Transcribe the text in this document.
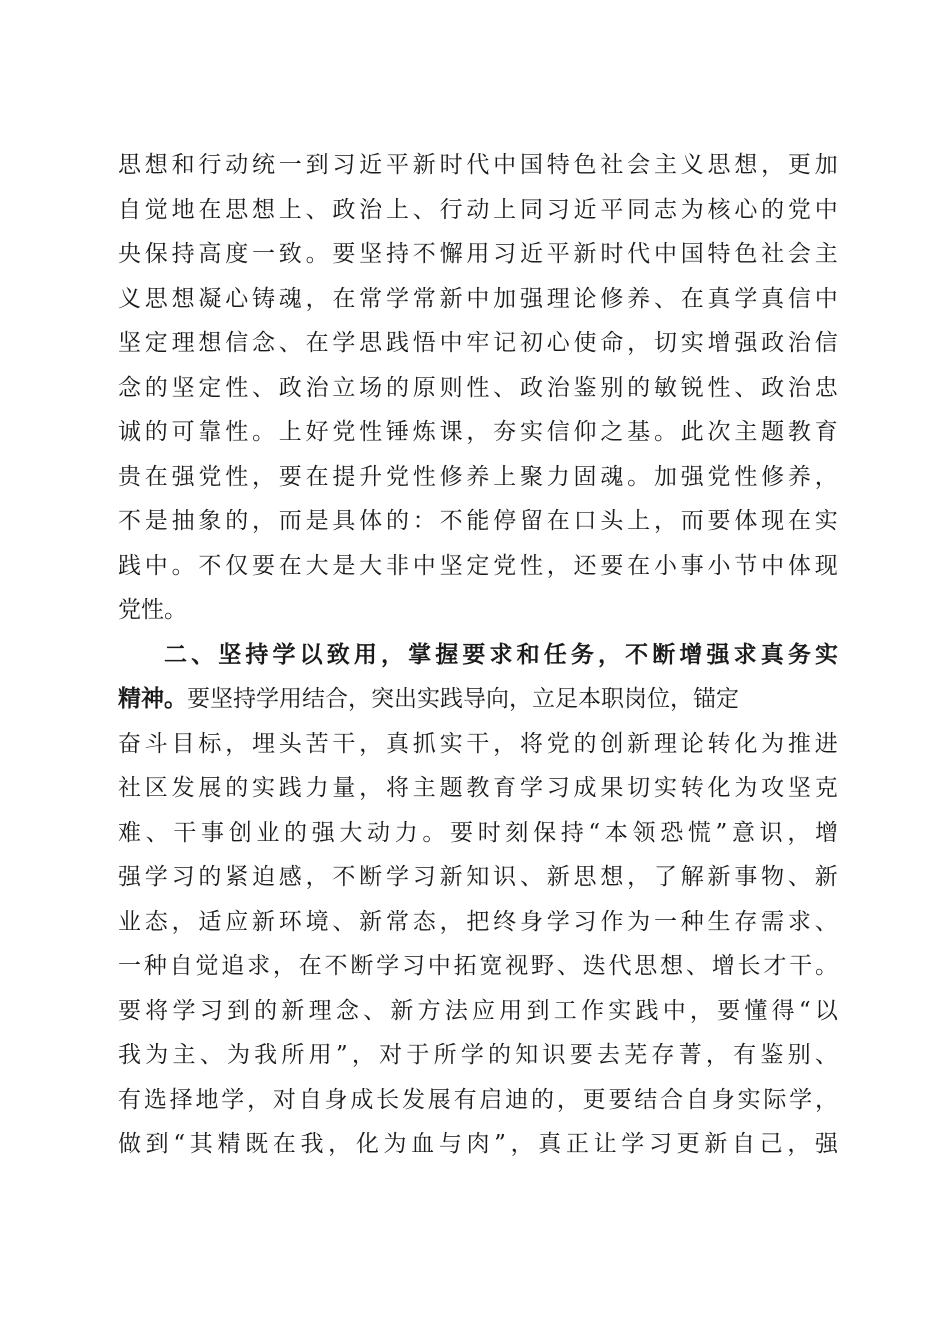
思 想 和 行 动 统 一 到 习 近 平 新 时 代 中 国 特 色 社 会 主 义 思 想 ， 更 加
自 觉 地 在 思 想 上 、 政 治 上 、 行 动 上 同 习 近 平 同 志 为 核 心 的 党 中
央 保 持 高 度 一 致 。 要 坚 持 不 懈 用 习 近 平 新 时 代 中 国 特 色 社 会 主
义 思 想 凝 心 铸 魂 ， 在 常 学 常 新 中 加 强 理 论 修 养 、 在 真 学 真 信 中
坚 定 理 想 信 念 、 在 学 思 践 悟 中 牢 记 初 心 使 命 ， 切 实 增 强 政 治 信
念 的 坚 定 性 、 政 治 立 场 的 原 则 性 、 政 治 鉴 别 的 敏 锐 性 、 政 治 忠
诚 的 可 靠 性 。 上 好 党 性 锤 炼 课 ， 夯 实 信 仰 之 基 。 此 次 主 题 教 育
贵 在 强 党 性 ， 要 在 提 升 党 性 修 养 上 聚 力 固 魂 。 加 强 党 性 修 养 ，
不 是 抽 象 的 ， 而 是 具 体 的 ： 不 能 停 留 在 口 头 上 ， 而 要 体 现 在 实
践 中 。 不 仅 要 在 大 是 大 非 中 坚 定 党 性 ， 还 要 在 小 事 小 节 中 体 现
党性。
二 、 坚 持 学 以 致 用 ， 掌 握 要 求 和 任 务 ， 不 断 增 强 求 真 务 实
精神。要坚持学用结合，突出实践导向，立足本职岗位，锚定
奋 斗 目 标 ， 埋 头 苦 干 ， 真 抓 实 干 ， 将 党 的 创 新 理 论 转 化 为 推 进
社 区 发 展 的 实 践 力 量 ， 将 主 题 教 育 学 习 成 果 切 实 转 化 为 攻 坚 克
难 、 干 事 创 业 的 强 大 动 力 。 要 时 刻 保 持 “ 本 领 恐 慌 ” 意 识 ， 增
强 学 习 的 紧 迫 感 ， 不 断 学 习 新 知 识 、 新 思 想 ， 了 解 新 事 物 、 新
业 态 ， 适 应 新 环 境 、 新 常 态 ， 把 终 身 学 习 作 为 一 种 生 存 需 求 、
一 种 自 觉 追 求 ， 在 不 断 学 习 中 拓 宽 视 野 、 迭 代 思 想 、 增 长 才 干 。
要 将 学 习 到 的 新 理 念 、 新 方 法 应 用 到 工 作 实 践 中 ， 要 懂 得 “ 以
我 为 主 、 为 我 所 用 ” ， 对 于 所 学 的 知 识 要 去 芜 存 菁 ， 有 鉴 别 、
有 选 择 地 学 ， 对 自 身 成 长 发 展 有 启 迪 的 ， 更 要 结 合 自 身 实 际 学 ，
做 到 “ 其 精 既 在 我 ， 化 为 血 与 肉 ” ， 真 正 让 学 习 更 新 自 己 ， 强
